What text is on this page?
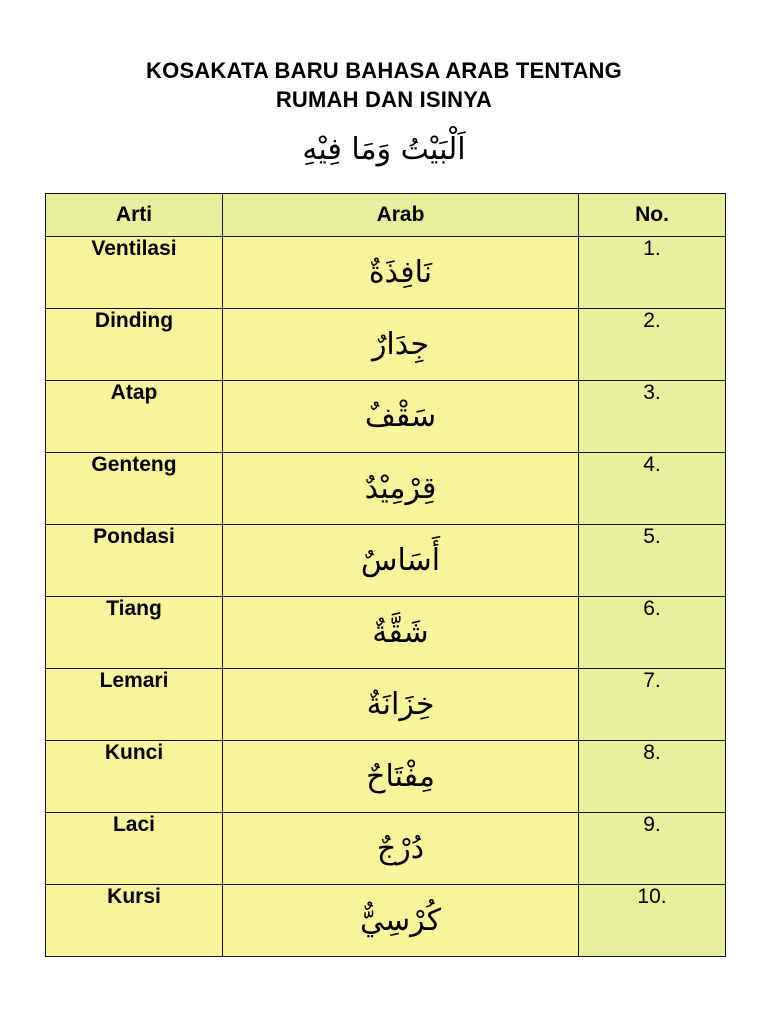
KOSAKATA BARU BAHASA ARAB TENTANG
RUMAH DAN ISINYA
اَلْبَيْتُ وَمَا فِيْهِ
Arti	Arab	No.
Ventilasi	نَافِذَةٌ	1.
Dinding	جِدَارٌ	2.
Atap	سَقْفٌ	3.
Genteng	قِرْمِيْدٌ	4.
Pondasi	أَسَاسٌ	5.
Tiang	شَقَّةٌ	6.
Lemari	خِزَانَةٌ	7.
Kunci	مِفْتَاحٌ	8.
Laci	دُرْجٌ	9.
Kursi	كُرْسِيٌّ	10.
